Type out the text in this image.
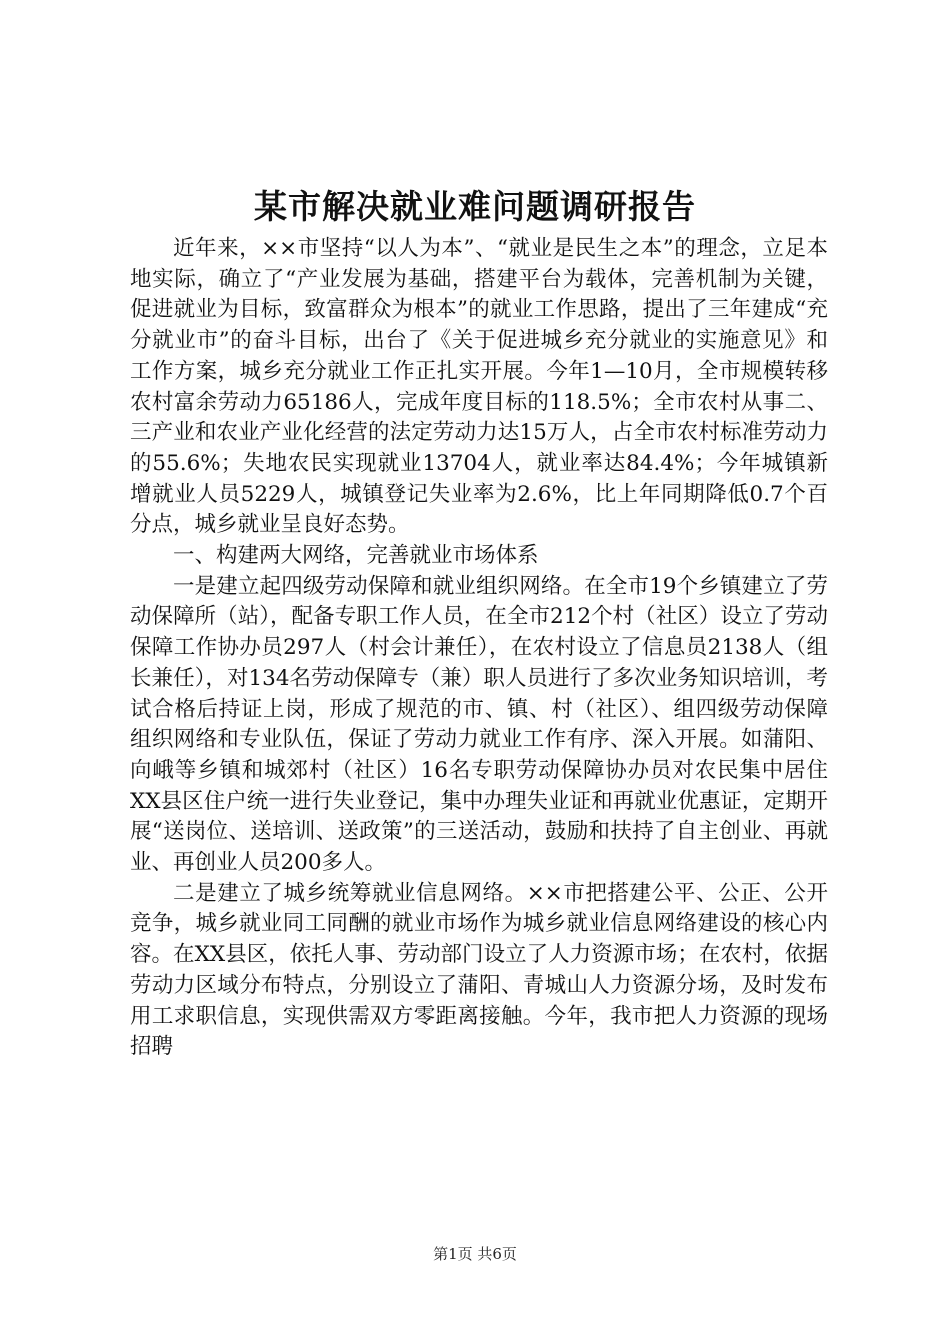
某市解决就业难问题调研报告

近年来，××市坚持“以人为本”、“就业是民生之本”的理念，立足本地实际，确立了“产业发展为基础，搭建平台为载体，完善机制为关键，促进就业为目标，致富群众为根本”的就业工作思路，提出了三年建成“充分就业市”的奋斗目标，出台了《关于促进城乡充分就业的实施意见》和工作方案，城乡充分就业工作正扎实开展。今年1—10月，全市规模转移农村富余劳动力65186人，完成年度目标的118.5%；全市农村从事二、三产业和农业产业化经营的法定劳动力达15万人，占全市农村标准劳动力的55.6%；失地农民实现就业13704人，就业率达84.4%；今年城镇新增就业人员5229人，城镇登记失业率为2.6%，比上年同期降低0.7个百分点，城乡就业呈良好态势。

一、构建两大网络，完善就业市场体系

一是建立起四级劳动保障和就业组织网络。在全市19个乡镇建立了劳动保障所（站），配备专职工作人员，在全市212个村（社区）设立了劳动保障工作协办员297人（村会计兼任），在农村设立了信息员2138人（组长兼任），对134名劳动保障专（兼）职人员进行了多次业务知识培训，考试合格后持证上岗，形成了规范的市、镇、村（社区）、组四级劳动保障组织网络和专业队伍，保证了劳动力就业工作有序、深入开展。如蒲阳、向峨等乡镇和城郊村（社区）16名专职劳动保障协办员对农民集中居住XX县区住户统一进行失业登记，集中办理失业证和再就业优惠证，定期开展“送岗位、送培训、送政策”的三送活动，鼓励和扶持了自主创业、再就业、再创业人员200多人。

二是建立了城乡统筹就业信息网络。××市把搭建公平、公正、公开竞争，城乡就业同工同酬的就业市场作为城乡就业信息网络建设的核心内容。在XX县区，依托人事、劳动部门设立了人力资源市场；在农村，依据劳动力区域分布特点，分别设立了蒲阳、青城山人力资源分场，及时发布用工求职信息，实现供需双方零距离接触。今年，我市把人力资源的现场招聘

第1页 共6页
